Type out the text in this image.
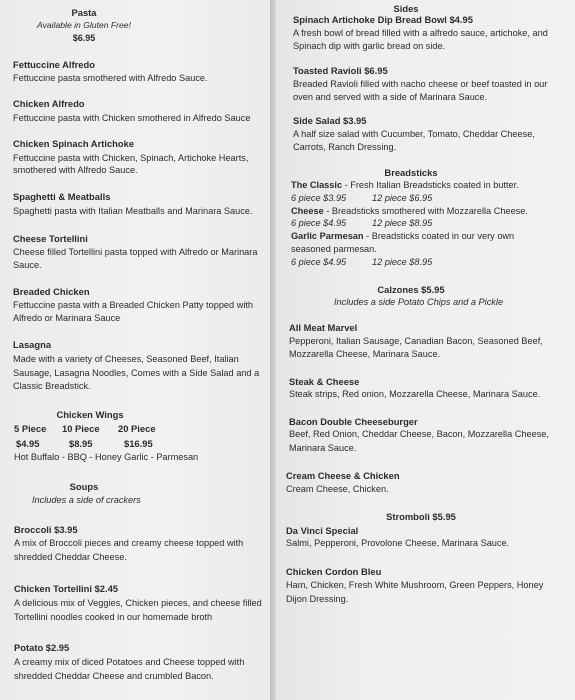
Pasta
Available in Gluten Free!
$6.95
Fettuccine Alfredo
Fettuccine pasta smothered with Alfredo Sauce.
Chicken Alfredo
Fettuccine pasta with Chicken smothered in Alfredo Sauce
Chicken Spinach Artichoke
Fettuccine pasta with Chicken, Spinach, Artichoke Hearts,
smothered with Alfredo Sauce.
Spaghetti & Meatballs
Spaghetti pasta with Italian Meatballs and Marinara Sauce.
Cheese Tortellini
Cheese filled Tortellini pasta topped with Alfredo or Marinara
Sauce.
Breaded Chicken
Fettuccine pasta with a Breaded Chicken Patty topped with
Alfredo or Marinara Sauce
Lasagna
Made with a variety of Cheeses, Seasoned Beef, Italian
Sausage, Lasagna Noodles, Comes with a Side Salad and a
Classic Breadstick.
Chicken Wings
5 Piece 10 Piece 20 Piece
$4.95	$8.95	$16.95
Hot Buffalo - BBQ - Honey Garlic - Parmesan
Soups
Includes a side of crackers
Broccoli $3.95
A mix of Broccoli pieces and creamy cheese topped with
shredded Cheddar Cheese.
Chicken Tortellini $2.45
A delicious mix of Veggies, Chicken pieces, and cheese filled
Tortellini noodles cooked in our homemade broth
Potato $2.95
A creamy mix of diced Potatoes and Cheese topped with
shredded Cheddar Cheese and crumbled Bacon.
Sides
Spinach Artichoke Dip Bread Bowl $4.95
A fresh bowl of bread filled with a alfredo sauce, artichoke, and
Spinach dip with garlic bread on side.
Toasted Ravioli $6.95
Breaded Ravioli filled with nacho cheese or beef toasted in our
oven and served with a side of Marinara Sauce.
Side Salad $3.95
A half size salad with Cucumber, Tomato, Cheddar Cheese,
Carrots, Ranch Dressing.
Breadsticks
The Classic - Fresh Italian Breadsticks coated in butter.
6 piece $3.95	12 piece $6.95
Cheese - Breadsticks smothered with Mozzarella Cheese.
6 piece $4.95	12 piece $8.95
Garlic Parmesan - Breadsticks coated in our very own
seasoned parmesan.
6 piece $4.95	12 piece $8.95
Calzones $5.95
Includes a side Potato Chips and a Pickle
All Meat Marvel
Pepperoni, Italian Sausage, Canadian Bacon, Seasoned Beef,
Mozzarella Cheese, Marinara Sauce.
Steak & Cheese
Steak strips, Red onion, Mozzarella Cheese, Marinara Sauce.
Bacon Double Cheeseburger
Beef, Red Onion, Cheddar Cheese, Bacon, Mozzarella Cheese,
Marinara Sauce.
Cream Cheese & Chicken
Cream Cheese, Chicken.
Stromboli $5.95
Da Vinci Special
Salmi, Pepperoni, Provolone Cheese, Marinara Sauce.
Chicken Cordon Bleu
Ham, Chicken, Fresh White Mushroom, Green Peppers, Honey
Dijon Dressing.
